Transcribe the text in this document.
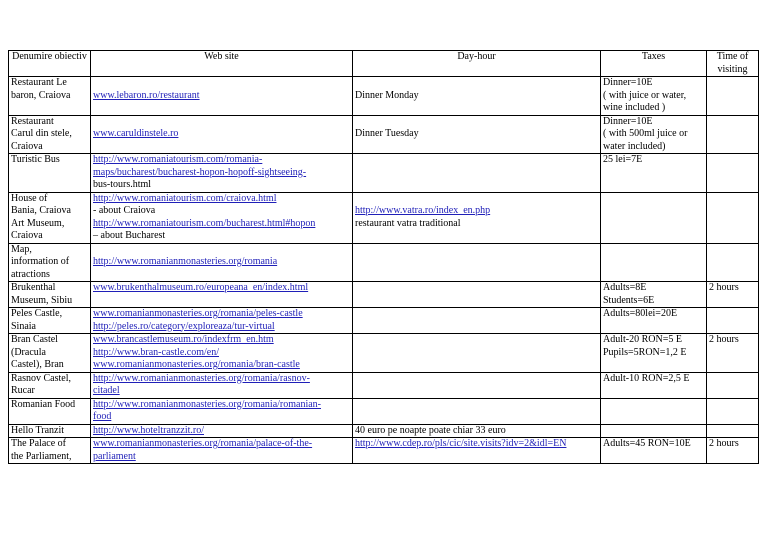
Denumire obiectiv	Web site	Day-hour	Taxes	Time of visiting

Restaurant Le
baron, Craiova	www.lebaron.ro/restaurant	Dinner Monday	Dinner=10E
( with juice or water,
wine included )	

Restaurant
Carul din stele,
Craiova	www.caruldinstele.ro	Dinner Tuesday	Dinner=10E
( with 500ml juice or
water included)	

Turistic Bus	http://www.romaniatourism.com/romania-
maps/bucharest/bucharest-hopon-hopoff-sightseeing-
bus-tours.html		25 lei=7E	

House of
Bania, Craiova
Art Museum,
Craiova	http://www.romaniatourism.com/craiova.html
- about Craiova
http://www.romaniatourism.com/bucharest.html#hopon
– about Bucharest	http://www.vatra.ro/index_en.php
restaurant vatra traditional		

Map,
information of
atractions	http://www.romanianmonasteries.org/romania			

Brukenthal
Museum, Sibiu	www.brukenthalmuseum.ro/europeana_en/index.html		Adults=8E
Students=6E	2 hours

Peles Castle,
Sinaia	www.romanianmonasteries.org/romania/peles-castle
http://peles.ro/category/exploreaza/tur-virtual		Adults=80lei=20E	

Bran Castel
(Dracula
Castel), Bran	www.brancastlemuseum.ro/indexfrm_en.htm
http://www.bran-castle.com/en/
www.romanianmonasteries.org/romania/bran-castle		Adult-20 RON=5 E
Pupils=5RON=1,2 E	2 hours

Rasnov Castel,
Rucar	http://www.romanianmonasteries.org/romania/rasnov-
citadel		Adult-10 RON=2,5 E	

Romanian Food	http://www.romanianmonasteries.org/romania/romanian-
food			

Hello Tranzit	http://www.hoteltranzzit.ro/	40 euro pe noapte poate chiar 33 euro		

The Palace of
the Parliament,	www.romanianmonasteries.org/romania/palace-of-the-
parliament	http://www.cdep.ro/pls/cic/site.visits?idv=2&idl=EN	Adults=45 RON=10E	2 hours
